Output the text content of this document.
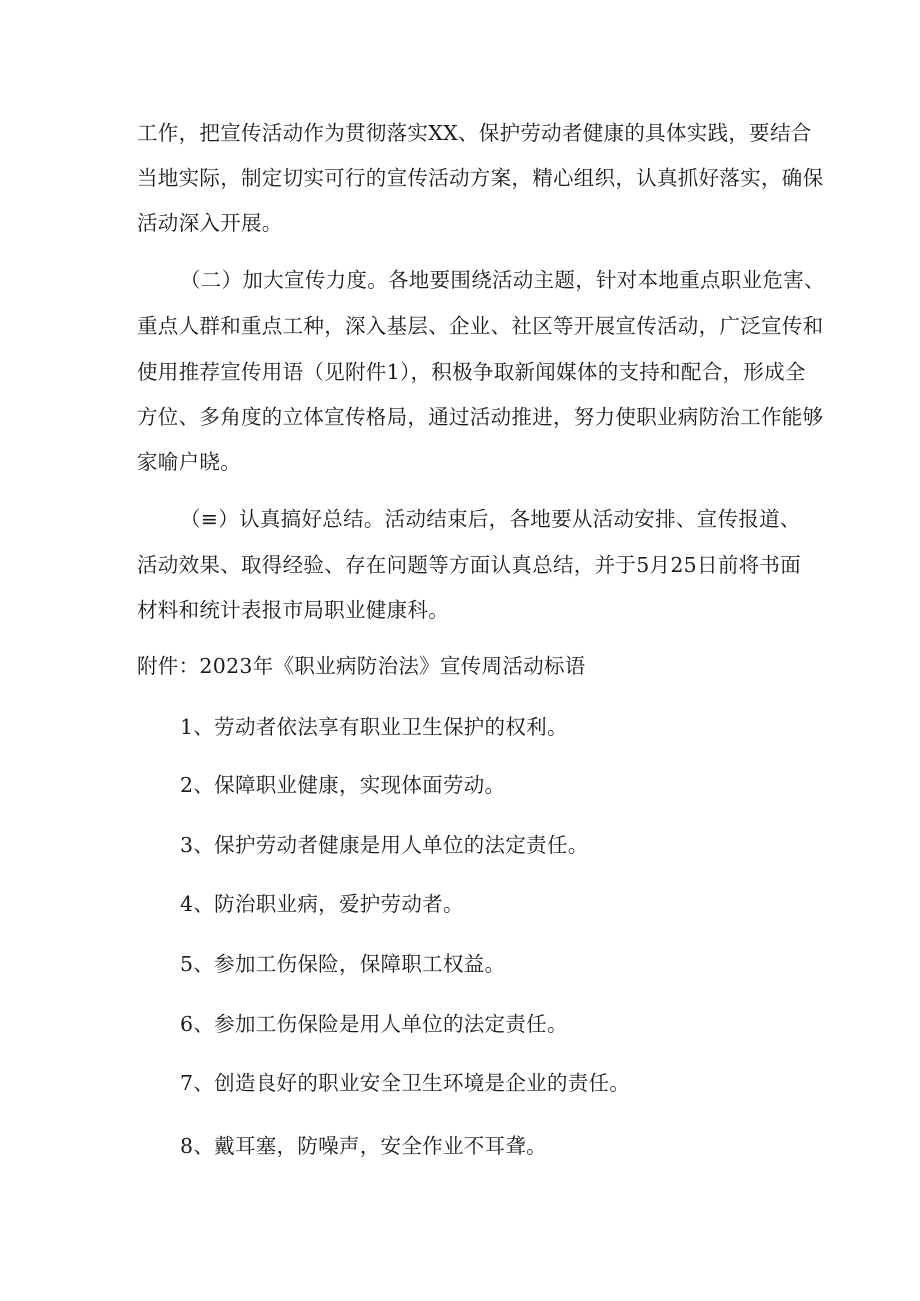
工作，把宣传活动作为贯彻落实XX、保护劳动者健康的具体实践，要结合
当地实际，制定切实可行的宣传活动方案，精心组织，认真抓好落实，确保
活动深入开展。
（二）加大宣传力度。各地要围绕活动主题，针对本地重点职业危害、
重点人群和重点工种，深入基层、企业、社区等开展宣传活动，广泛宣传和
使用推荐宣传用语（见附件1），积极争取新闻媒体的支持和配合，形成全
方位、多角度的立体宣传格局，通过活动推进，努力使职业病防治工作能够
家喻户晓。
（≡）认真搞好总结。活动结束后，各地要从活动安排、宣传报道、
活动效果、取得经验、存在问题等方面认真总结，并于5月25日前将书面
材料和统计表报市局职业健康科。
附件：2023年《职业病防治法》宣传周活动标语
1、劳动者依法享有职业卫生保护的权利。
2、保障职业健康，实现体面劳动。
3、保护劳动者健康是用人单位的法定责任。
4、防治职业病，爱护劳动者。
5、参加工伤保险，保障职工权益。
6、参加工伤保险是用人单位的法定责任。
7、创造良好的职业安全卫生环境是企业的责任。
8、戴耳塞，防噪声，安全作业不耳聋。
